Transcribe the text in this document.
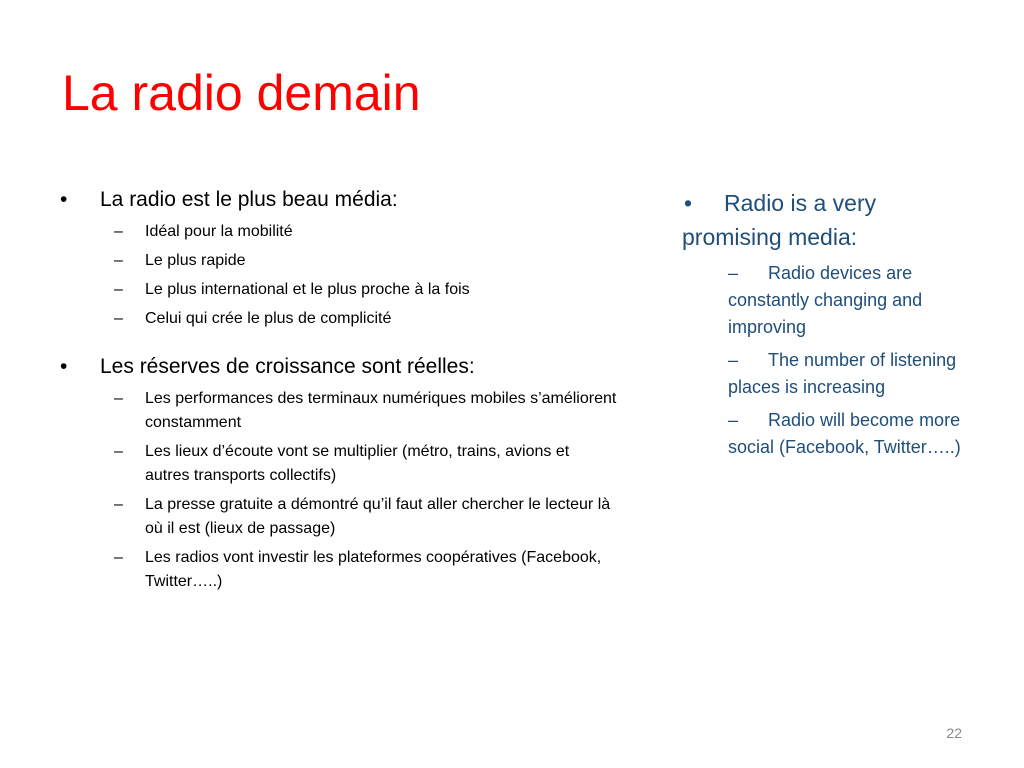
La radio demain
• La radio est le plus beau média:
– Idéal pour la mobilité
– Le plus rapide
– Le plus international et le plus proche à la fois
– Celui qui crée le plus de complicité
• Les réserves de croissance sont réelles:
– Les performances des terminaux numériques mobiles s’améliorent constamment
– Les lieux d’écoute vont se multiplier (métro, trains, avions et autres transports collectifs)
– La presse gratuite a démontré qu’il faut aller chercher le lecteur là où il est (lieux de passage)
– Les radios vont investir les plateformes coopératives (Facebook, Twitter…..)
• Radio is a very promising media:
– Radio devices are constantly changing and improving
– The number of listening places is increasing
– Radio will become more social (Facebook, Twitter…..)
22
